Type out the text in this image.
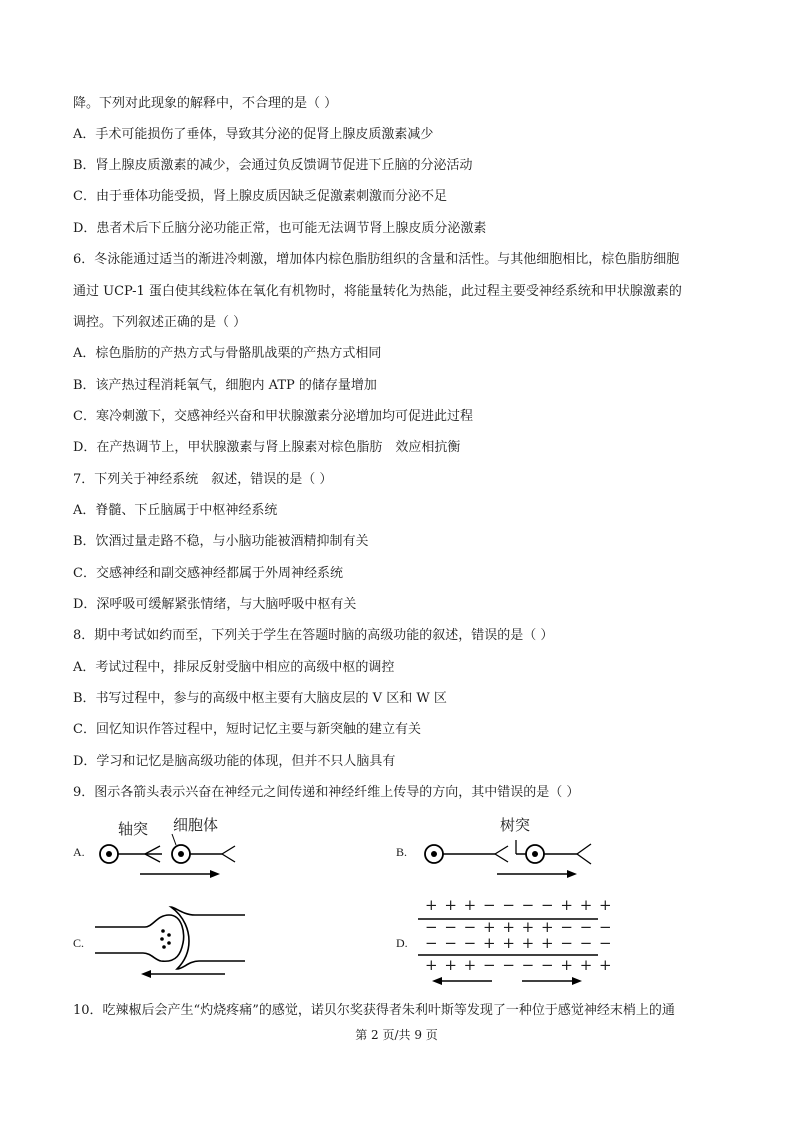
降。下列对此现象的解释中，不合理的是（ ）
A．手术可能损伤了垂体，导致其分泌的促肾上腺皮质激素减少
B．肾上腺皮质激素的减少，会通过负反馈调节促进下丘脑的分泌活动
C．由于垂体功能受损，肾上腺皮质因缺乏促激素刺激而分泌不足
D．患者术后下丘脑分泌功能正常，也可能无法调节肾上腺皮质分泌激素
6．冬泳能通过适当的渐进冷刺激，增加体内棕色脂肪组织的含量和活性。与其他细胞相比，棕色脂肪细胞
通过 UCP-1 蛋白使其线粒体在氧化有机物时，将能量转化为热能，此过程主要受神经系统和甲状腺激素的
调控。下列叙述正确的是（ ）
A．棕色脂肪的产热方式与骨骼肌战栗的产热方式相同
B．该产热过程消耗氧气，细胞内 ATP 的储存量增加
C．寒冷刺激下，交感神经兴奋和甲状腺激素分泌增加均可促进此过程
D．在产热调节上，甲状腺激素与肾上腺素对棕色脂肪　效应相抗衡
7．下列关于神经系统　叙述，错误的是（ ）
A．脊髓、下丘脑属于中枢神经系统
B．饮酒过量走路不稳，与小脑功能被酒精抑制有关
C．交感神经和副交感神经都属于外周神经系统
D．深呼吸可缓解紧张情绪，与大脑呼吸中枢有关
8．期中考试如约而至，下列关于学生在答题时脑的高级功能的叙述，错误的是（ ）
A．考试过程中，排尿反射受脑中相应的高级中枢的调控
B．书写过程中，参与的高级中枢主要有大脑皮层的 V 区和 W 区
C．回忆知识作答过程中，短时记忆主要与新突触的建立有关
D．学习和记忆是脑高级功能的体现，但并不只人脑具有
9．图示各箭头表示兴奋在神经元之间传递和神经纤维上传导的方向，其中错误的是（ ）
A.
轴突 细胞体
B.
树突
C.	D.
+ + + − − − − + + +
− − − + + + + − − −
− − − + + + + − − −
+ + + − − − − + + +
10．吃辣椒后会产生“灼烧疼痛”的感觉，诺贝尔奖获得者朱利叶斯等发现了一种位于感觉神经末梢上的通
第 2 页/共 9 页
